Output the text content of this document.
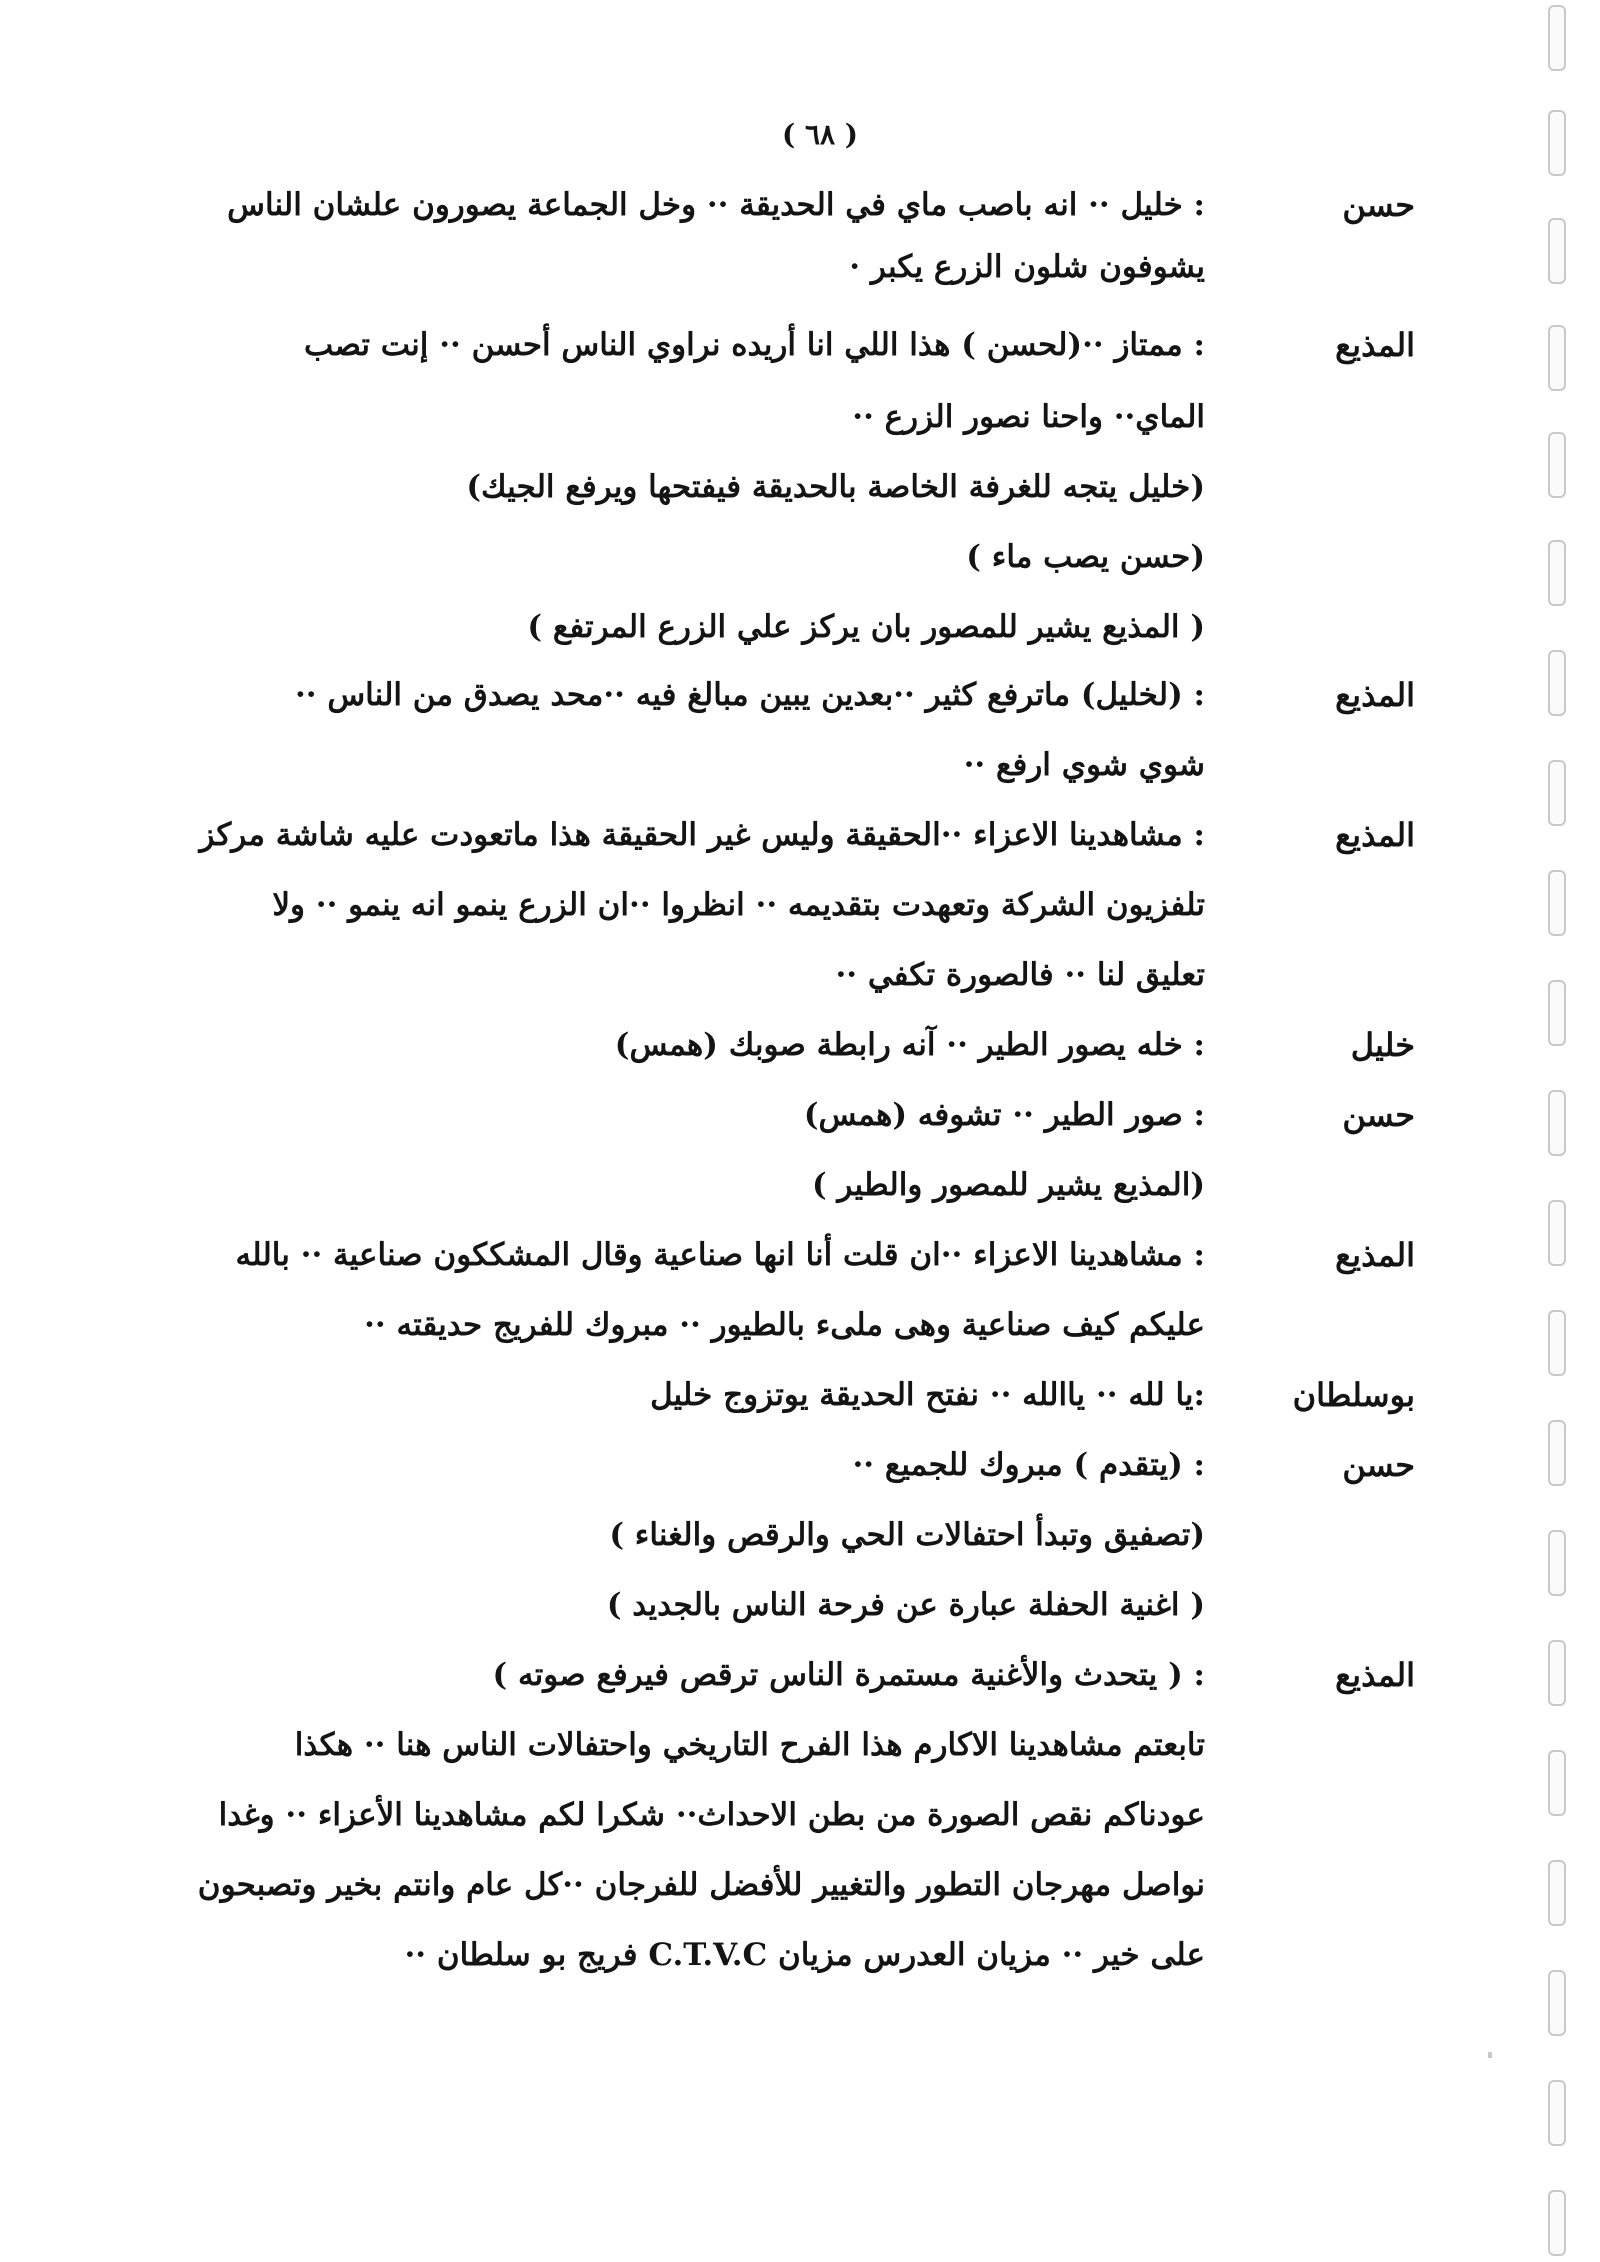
( ٦٨ )
حسن
: خليل ·· انه باصب ماي في الحديقة ·· وخل الجماعة يصورون علشان الناس
يشوفون شلون الزرع يكبر ·
المذيع
: ممتاز ··(لحسن ) هذا اللي انا أريده نراوي الناس أحسن ·· إنت تصب
الماي·· واحنا نصور الزرع ··
(خليل يتجه للغرفة الخاصة بالحديقة فيفتحها ويرفع الجيك)
(حسن يصب ماء )
( المذيع يشير للمصور بان يركز علي الزرع المرتفع )
المذيع
: (لخليل) ماترفع كثير ··بعدين يبين مبالغ فيه ··محد يصدق من الناس ··
شوي شوي ارفع ··
المذيع
: مشاهدينا الاعزاء ··الحقيقة وليس غير الحقيقة هذا ماتعودت عليه شاشة مركز
تلفزيون الشركة وتعهدت بتقديمه ·· انظروا ··ان الزرع ينمو انه ينمو ·· ولا
تعليق لنا ·· فالصورة تكفي ··
خليل
: خله يصور الطير ·· آنه رابطة صوبك (همس)
حسن
: صور الطير ·· تشوفه (همس)
(المذيع يشير للمصور والطير )
المذيع
: مشاهدينا الاعزاء ··ان قلت أنا انها صناعية وقال المشككون صناعية ·· بالله
عليكم كيف صناعية وهى ملىء بالطيور ·· مبروك للفريج حديقته ··
بوسلطان
:يا لله ·· ياالله ·· نفتح الحديقة يوتزوج خليل
حسن
: (يتقدم ) مبروك للجميع ··
(تصفيق وتبدأ احتفالات الحي والرقص والغناء )
( اغنية الحفلة عبارة عن فرحة الناس بالجديد )
المذيع
: ( يتحدث والأغنية مستمرة الناس ترقص فيرفع صوته )
تابعتم مشاهدينا الاكارم هذا الفرح التاريخي واحتفالات الناس هنا ·· هكذا
عودناكم نقص الصورة من بطن الاحداث·· شكرا لكم مشاهدينا الأعزاء ·· وغدا
نواصل مهرجان التطور والتغيير للأفضل للفرجان ··كل عام وانتم بخير وتصبحون
على خير ·· مزيان العدرس مزيان C.T.V.C فريج بو سلطان ··
